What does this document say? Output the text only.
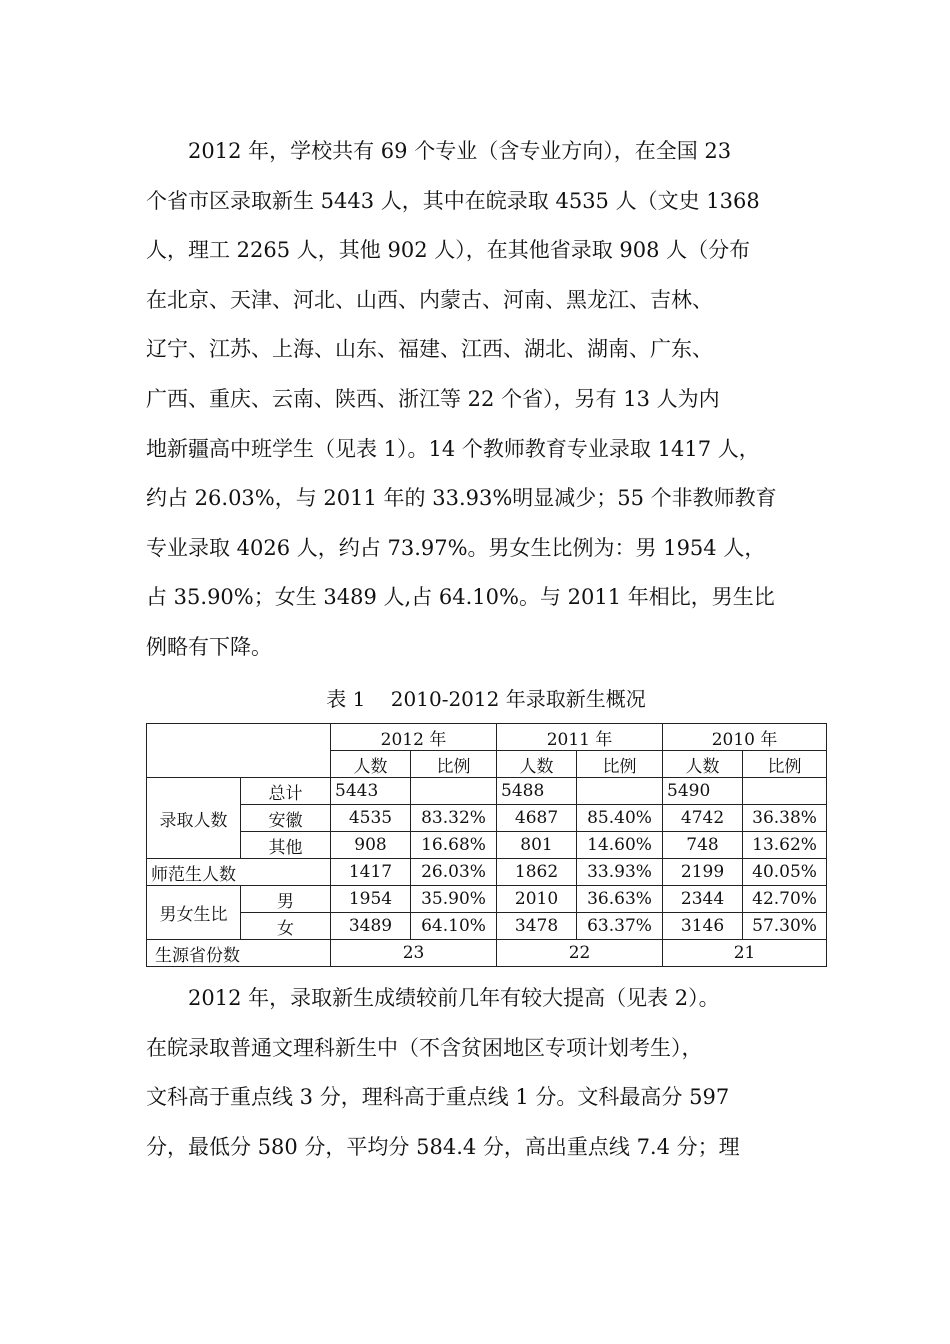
2012 年，学校共有 69 个专业（含专业方向），在全国 23
个省市区录取新生 5443 人，其中在皖录取 4535 人（文史 1368
人，理工 2265 人，其他 902 人），在其他省录取 908 人（分布
在北京、天津、河北、山西、内蒙古、河南、黑龙江、吉林、
辽宁、江苏、上海、山东、福建、江西、湖北、湖南、广东、
广西、重庆、云南、陕西、浙江等 22 个省），另有 13 人为内
地新疆高中班学生（见表 1）。14 个教师教育专业录取 1417 人，
约占 26.03%，与 2011 年的 33.93%明显减少；55 个非教师教育
专业录取 4026 人，约占 73.97%。男女生比例为：男 1954 人，
占 35.90%；女生 3489 人,占 64.10%。与 2011 年相比，男生比
例略有下降。
表 1    2010-2012 年录取新生概况
		2012 年		2011 年		2010 年	
		人数	比例	人数	比例	人数	比例
录取人数	总计	5443		5488		5490	
	安徽	4535	83.32%	4687	85.40%	4742	36.38%
	其他	908	16.68%	801	14.60%	748	13.62%
师范生人数		1417	26.03%	1862	33.93%	2199	40.05%
男女生比	男	1954	35.90%	2010	36.63%	2344	42.70%
	女	3489	64.10%	3478	63.37%	3146	57.30%
生源省份数		23		22		21	
2012 年，录取新生成绩较前几年有较大提高（见表 2）。
在皖录取普通文理科新生中（不含贫困地区专项计划考生），
文科高于重点线 3 分，理科高于重点线 1 分。文科最高分 597
分，最低分 580 分，平均分 584.4 分，高出重点线 7.4 分；理
